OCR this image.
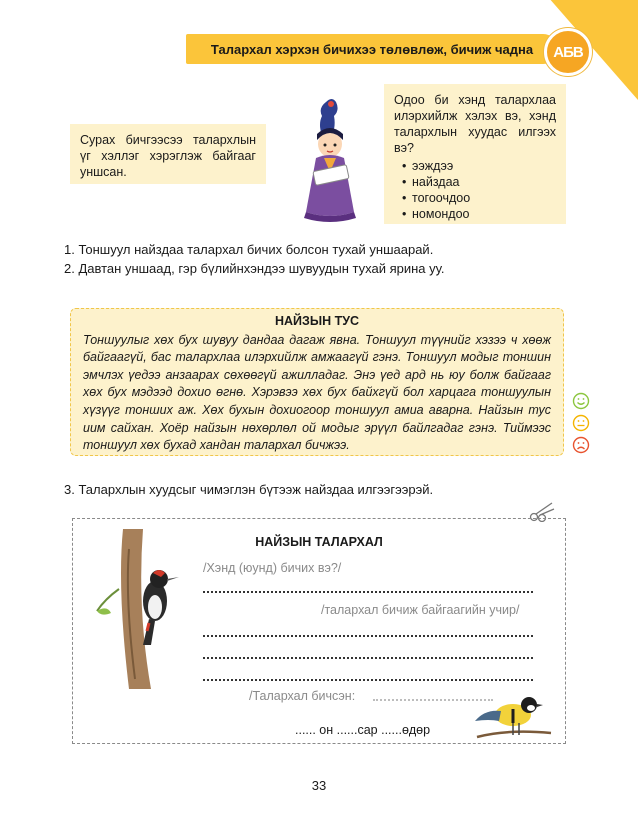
Талархал хэрхэн бичихээ төлөвлөж, бичиж чадна АБВ
Сурах бичгээсээ талархлын үг хэллэг хэрэглэж байгааг уншсан.
Одоо би хэнд талархлаа илэрхийлж хэлэх вэ, хэнд талархлын хуудас илгээх вэ?
• ээждээ
• найздаа
• тогоочдоо
• номондоо
1. Тоншуул найздаа талархал бичих болсон тухай уншаарай.
2. Давтан уншаад, гэр бүлийнхэндээ шувуудын тухай ярина уу.
НАЙЗЫН ТУС
Тоншуулыг хөх бух шувуу дандаа дагаж явна. Тоншуул түүнийг хэзээ ч хөөж байгаагүй, бас талархлаа илэрхийлж амжаагүй гэнэ. Тоншуул модыг тоншин эмчлэх үедээ анзаарах сөхөөгүй ажилладаг. Энэ үед ард нь юу болж байгааг хөх бух мэдээд дохио өгнө. Хэрэвээ хөх бух байхгүй бол харцага тоншуулын хүзүүг тонших аж. Хөх бухын дохиогоор тоншуул амиа аварна. Найзын тус иим сайхан. Хоёр найзын нөхөрлөл ой модыг эрүүл байлгадаг гэнэ. Тиймээс тоншуул хөх бухад хандан талархал бичжээ.
3. Талархлын хуудсыг чимэглэн бүтээж найздаа илгээгээрэй.
НАЙЗЫН ТАЛАРХАЛ
/Хэнд (юунд) бичих вэ?/
/талархал бичиж байгаагийн учир/
/Талархал бичсэн:
...... он ......сар ......өдөр
33
